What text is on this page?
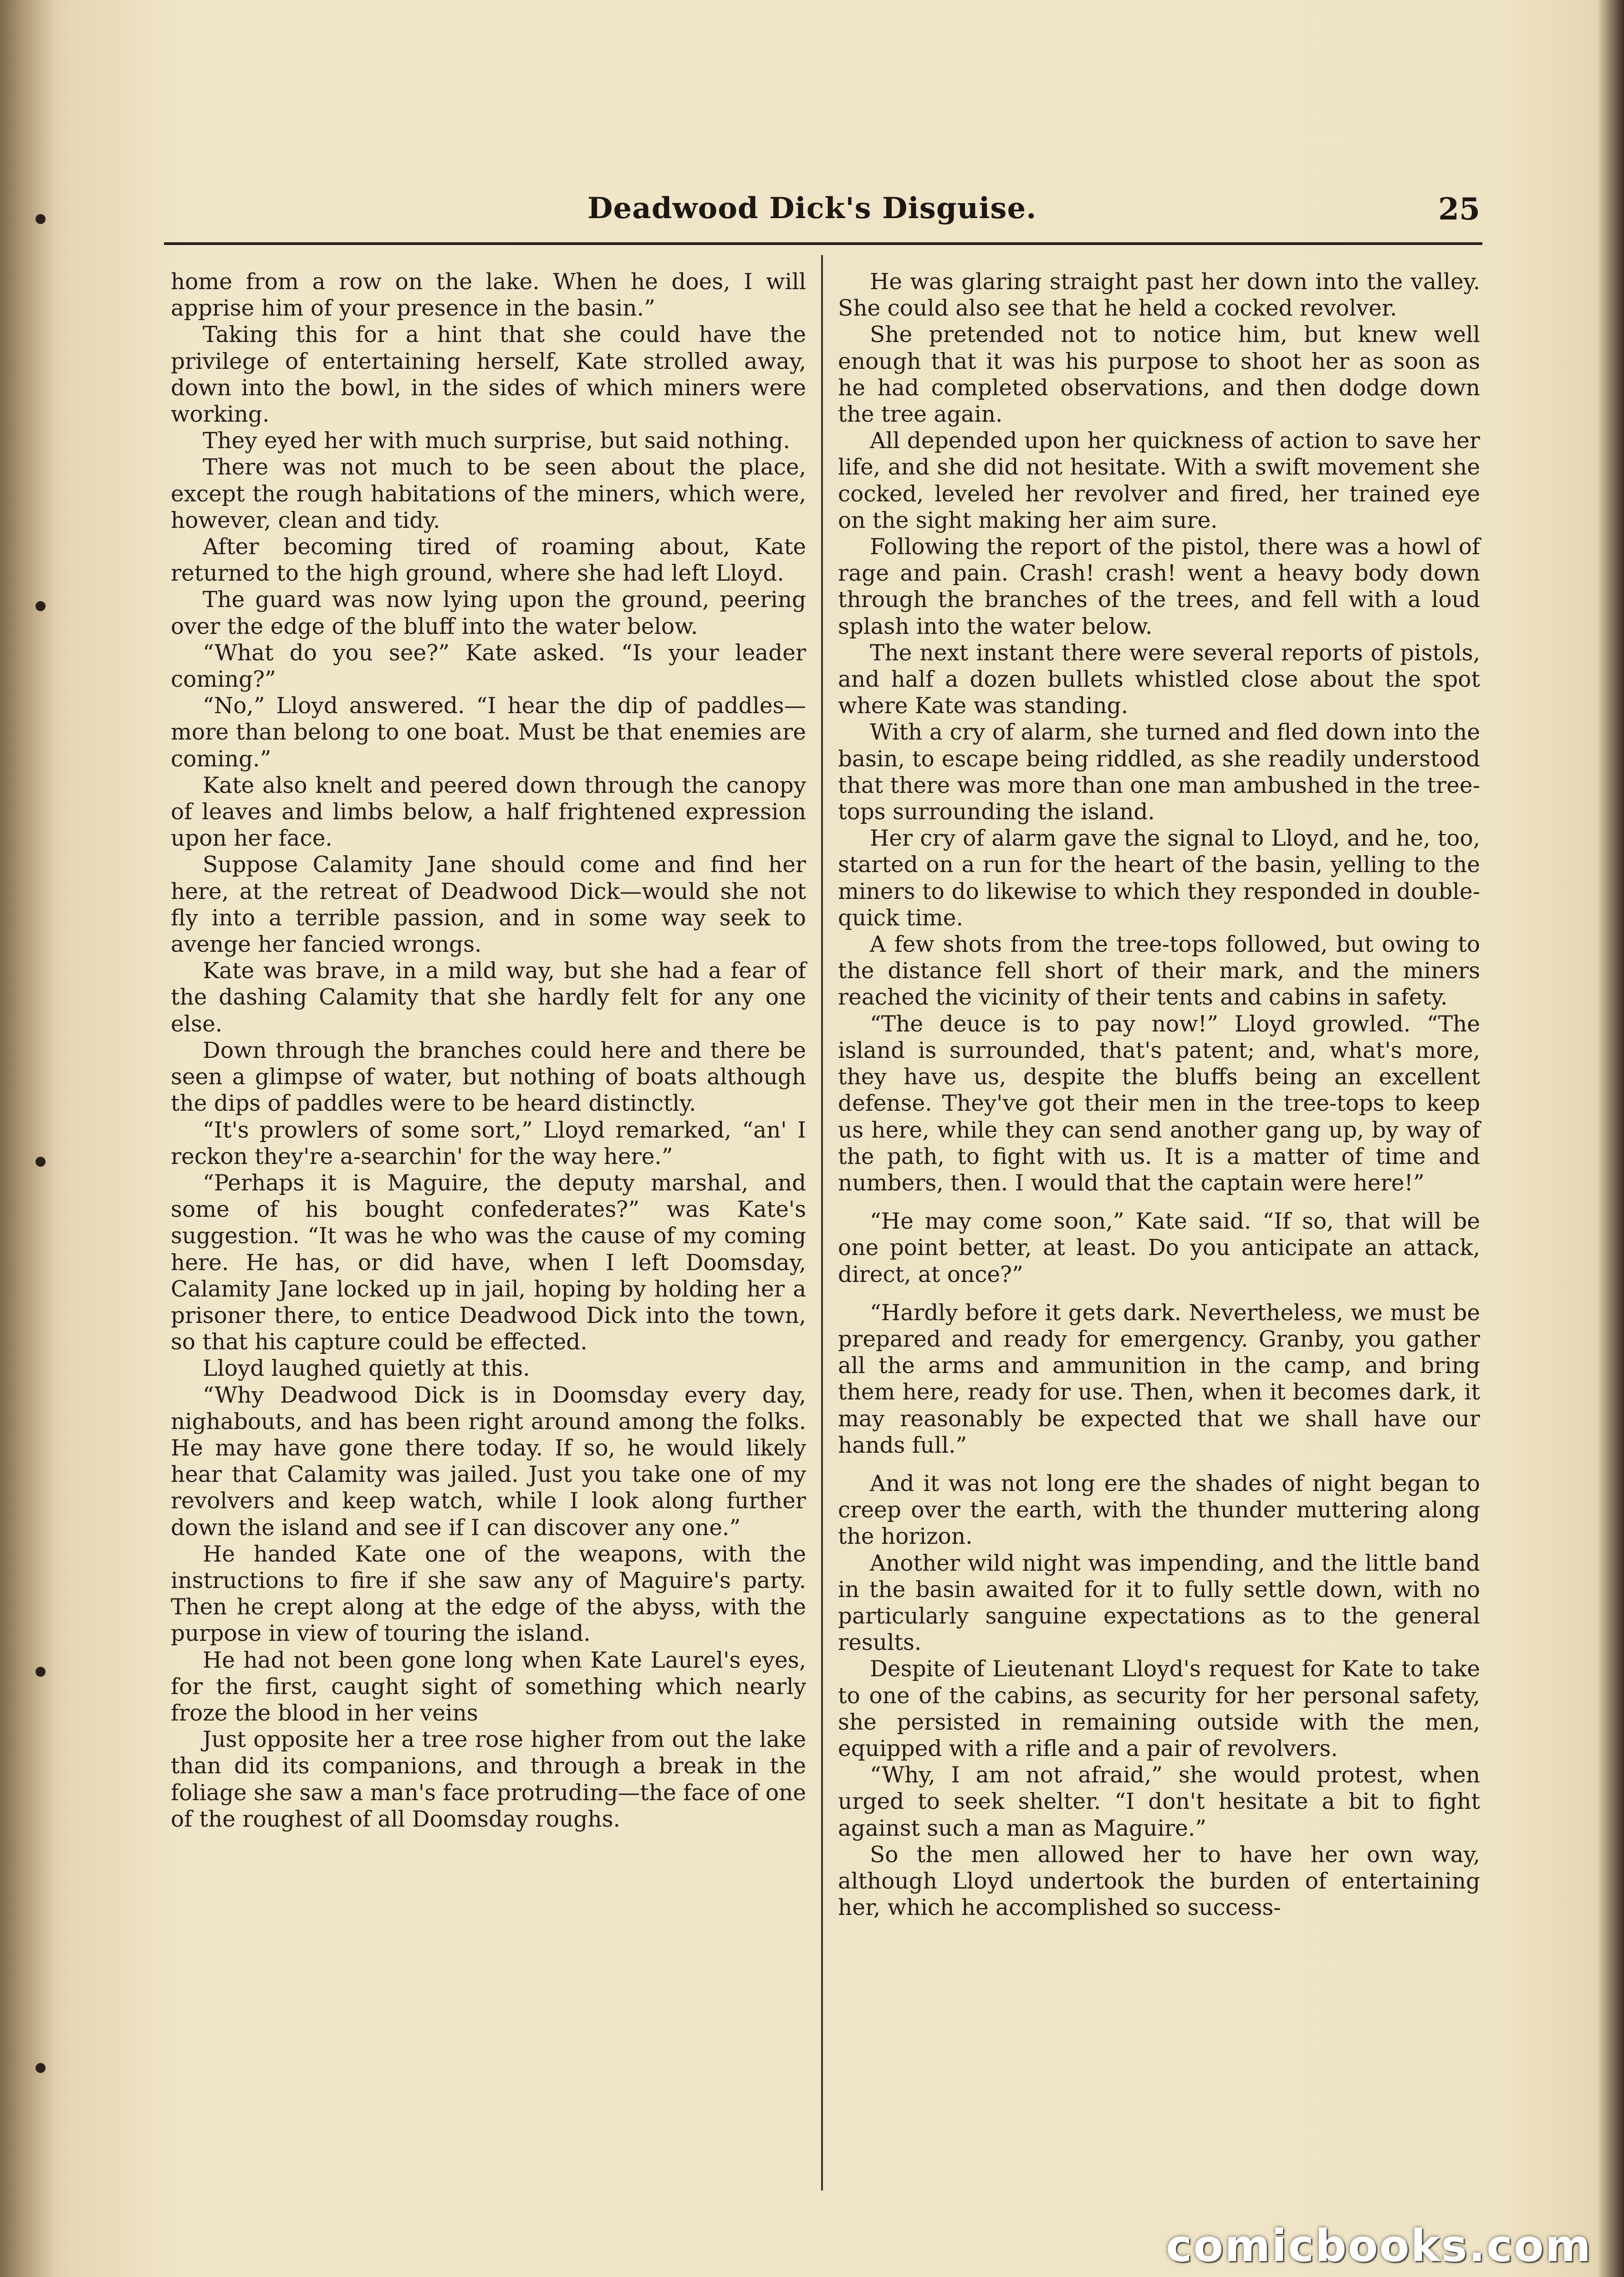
Deadwood Dick's Disguise.	25

home from a row on the lake. When he does, I will apprise him of your presence in the basin.”

Taking this for a hint that she could have the privilege of entertaining herself, Kate strolled away, down into the bowl, in the sides of which miners were working.

They eyed her with much surprise, but said nothing.

There was not much to be seen about the place, except the rough habitations of the miners, which were, however, clean and tidy.

After becoming tired of roaming about, Kate returned to the high ground, where she had left Lloyd.

The guard was now lying upon the ground, peering over the edge of the bluff into the water below.

“What do you see?” Kate asked. “Is your leader coming?”

“No,” Lloyd answered. “I hear the dip of paddles—more than belong to one boat. Must be that enemies are coming.”

Kate also knelt and peered down through the canopy of leaves and limbs below, a half frightened expression upon her face.

Suppose Calamity Jane should come and find her here, at the retreat of Deadwood Dick—would she not fly into a terrible passion, and in some way seek to avenge her fancied wrongs.

Kate was brave, in a mild way, but she had a fear of the dashing Calamity that she hardly felt for any one else.

Down through the branches could here and there be seen a glimpse of water, but nothing of boats although the dips of paddles were to be heard distinctly.

“It's prowlers of some sort,” Lloyd remarked, “an' I reckon they're a-searchin' for the way here.”

“Perhaps it is Maguire, the deputy marshal, and some of his bought confederates?” was Kate's suggestion. “It was he who was the cause of my coming here. He has, or did have, when I left Doomsday, Calamity Jane locked up in jail, hoping by holding her a prisoner there, to entice Deadwood Dick into the town, so that his capture could be effected.

Lloyd laughed quietly at this.

“Why Deadwood Dick is in Doomsday every day, nighabouts, and has been right around among the folks. He may have gone there today. If so, he would likely hear that Calamity was jailed. Just you take one of my revolvers and keep watch, while I look along further down the island and see if I can discover any one.”

He handed Kate one of the weapons, with the instructions to fire if she saw any of Maguire's party. Then he crept along at the edge of the abyss, with the purpose in view of touring the island.

He had not been gone long when Kate Laurel's eyes, for the first, caught sight of something which nearly froze the blood in her veins

Just opposite her a tree rose higher from out the lake than did its companions, and through a break in the foliage she saw a man's face protruding—the face of one of the roughest of all Doomsday roughs.

He was glaring straight past her down into the valley. She could also see that he held a cocked revolver.

She pretended not to notice him, but knew well enough that it was his purpose to shoot her as soon as he had completed observations, and then dodge down the tree again.

All depended upon her quickness of action to save her life, and she did not hesitate. With a swift movement she cocked, leveled her revolver and fired, her trained eye on the sight making her aim sure.

Following the report of the pistol, there was a howl of rage and pain. Crash! crash! went a heavy body down through the branches of the trees, and fell with a loud splash into the water below.

The next instant there were several reports of pistols, and half a dozen bullets whistled close about the spot where Kate was standing.

With a cry of alarm, she turned and fled down into the basin, to escape being riddled, as she readily understood that there was more than one man ambushed in the tree-tops surrounding the island.

Her cry of alarm gave the signal to Lloyd, and he, too, started on a run for the heart of the basin, yelling to the miners to do likewise to which they responded in double-quick time.

A few shots from the tree-tops followed, but owing to the distance fell short of their mark, and the miners reached the vicinity of their tents and cabins in safety.

“The deuce is to pay now!” Lloyd growled. “The island is surrounded, that's patent; and, what's more, they have us, despite the bluffs being an excellent defense. They've got their men in the tree-tops to keep us here, while they can send another gang up, by way of the path, to fight with us. It is a matter of time and numbers, then. I would that the captain were here!”

“He may come soon,” Kate said. “If so, that will be one point better, at least. Do you anticipate an attack, direct, at once?”

“Hardly before it gets dark. Nevertheless, we must be prepared and ready for emergency. Granby, you gather all the arms and ammunition in the camp, and bring them here, ready for use. Then, when it becomes dark, it may reasonably be expected that we shall have our hands full.”

And it was not long ere the shades of night began to creep over the earth, with the thunder muttering along the horizon.

Another wild night was impending, and the little band in the basin awaited for it to fully settle down, with no particularly sanguine expectations as to the general results.

Despite of Lieutenant Lloyd's request for Kate to take to one of the cabins, as security for her personal safety, she persisted in remaining outside with the men, equipped with a rifle and a pair of revolvers.

“Why, I am not afraid,” she would protest, when urged to seek shelter. “I don't hesitate a bit to fight against such a man as Maguire.”

So the men allowed her to have her own way, although Lloyd undertook the burden of entertaining her, which he accomplished so success-

comicbooks.com
